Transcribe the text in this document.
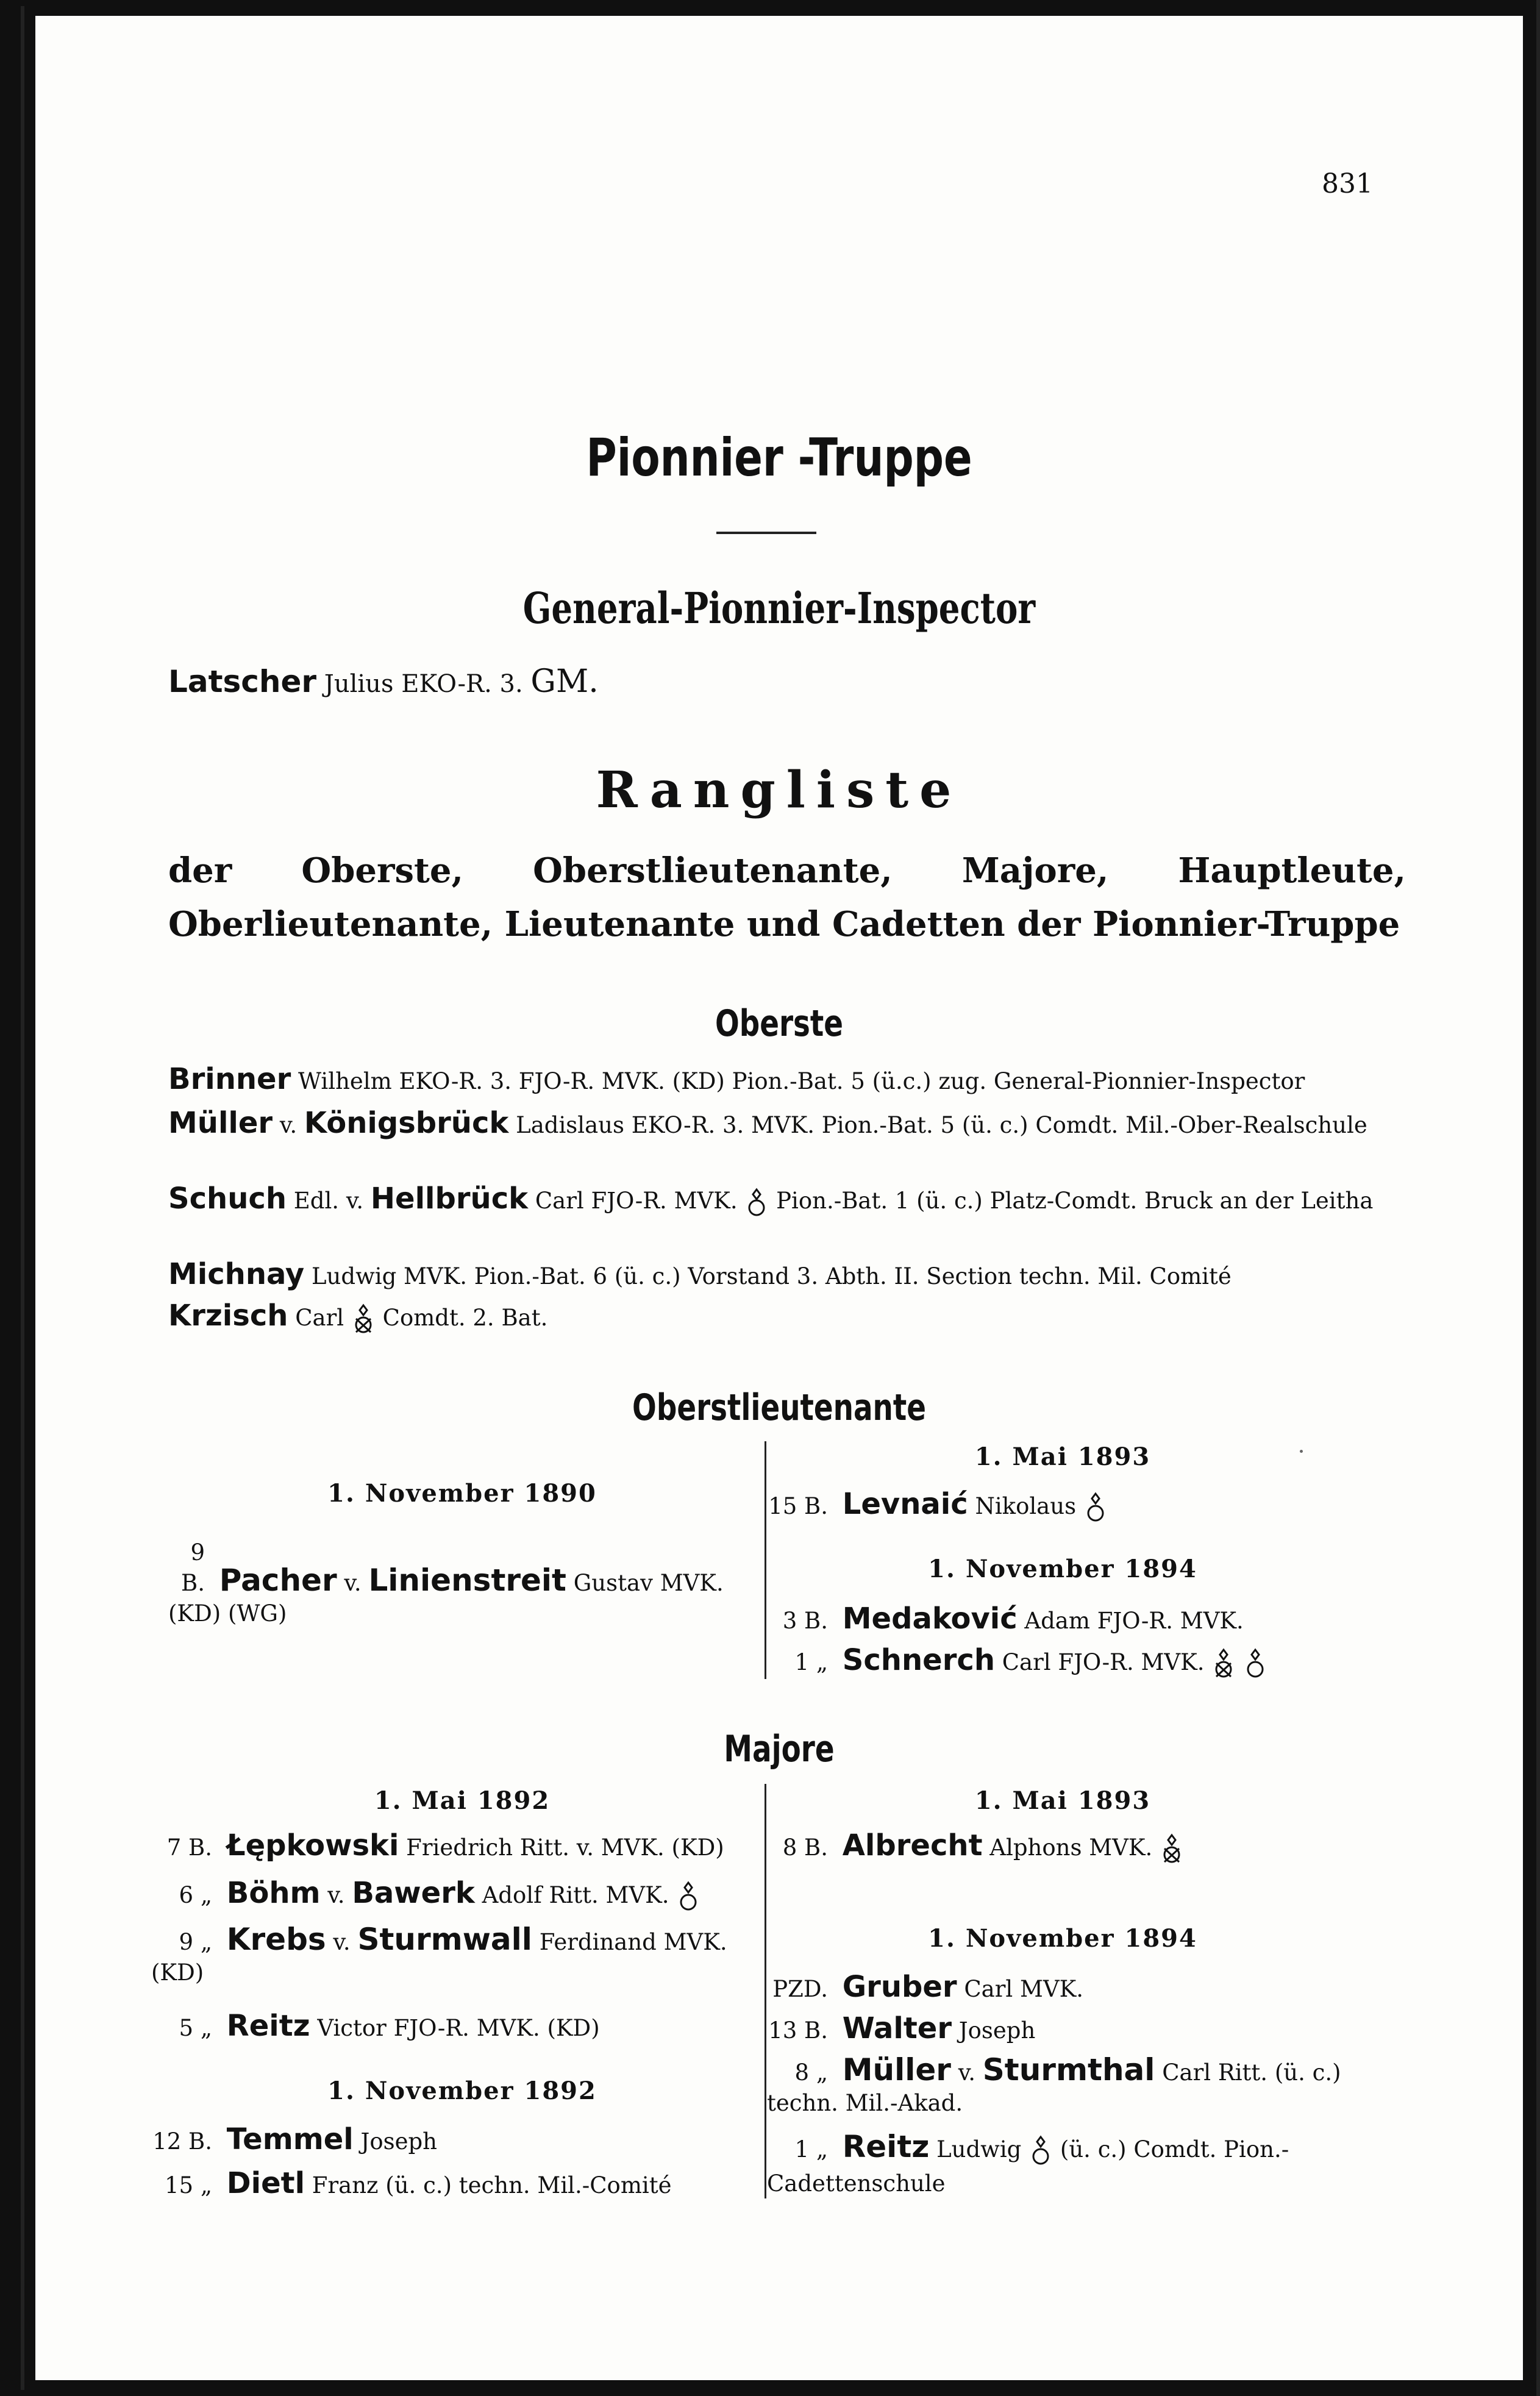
831
Pionnier -Truppe
General-Pionnier-Inspector
Latscher Julius EKO-R. 3. GM.
Rangliste
der Oberste, Oberstlieutenante, Majore, Hauptleute, Oberlieutenante, Lieutenante und Cadetten der Pionnier-Truppe
Oberste
Brinner Wilhelm EKO-R. 3. FJO-R. MVK. (KD) Pion.-Bat. 5 (ü.c.) zug. General-Pionnier-Inspector
Müller v. Königsbrück Ladislaus EKO-R. 3. MVK. Pion.-Bat. 5 (ü. c.) Comdt. Mil.-Ober-Realschule
Schuch Edl. v. Hellbrück Carl FJO-R. MVK. Pion.-Bat. 1 (ü. c.) Platz-Comdt. Bruck an der Leitha
Michnay Ludwig MVK. Pion.-Bat. 6 (ü. c.) Vorstand 3. Abth. II. Section techn. Mil. Comité
Krzisch Carl Comdt. 2. Bat.
Oberstlieutenante
1. November 1890
9 B. Pacher v. Linienstreit Gustav MVK. (KD) (WG)
1. Mai 1893
15 B. Levnaić Nikolaus
1. November 1894
3 B. Medaković Adam FJO-R. MVK.
1 „ Schnerch Carl FJO-R. MVK.
Majore
1. Mai 1892
7 B. Łępkowski Friedrich Ritt. v. MVK. (KD)
6 „ Böhm v. Bawerk Adolf Ritt. MVK.
9 „ Krebs v. Sturmwall Ferdinand MVK. (KD)
5 „ Reitz Victor FJO-R. MVK. (KD)
1. November 1892
12 B. Temmel Joseph
15 „ Dietl Franz (ü. c.) techn. Mil.-Comité
1. Mai 1893
8 B. Albrecht Alphons MVK.
1. November 1894
PZD. Gruber Carl MVK.
13 B. Walter Joseph
8 „ Müller v. Sturmthal Carl Ritt. (ü. c.) techn. Mil.-Akad.
1 „ Reitz Ludwig (ü. c.) Comdt. Pion.-Cadettenschule
